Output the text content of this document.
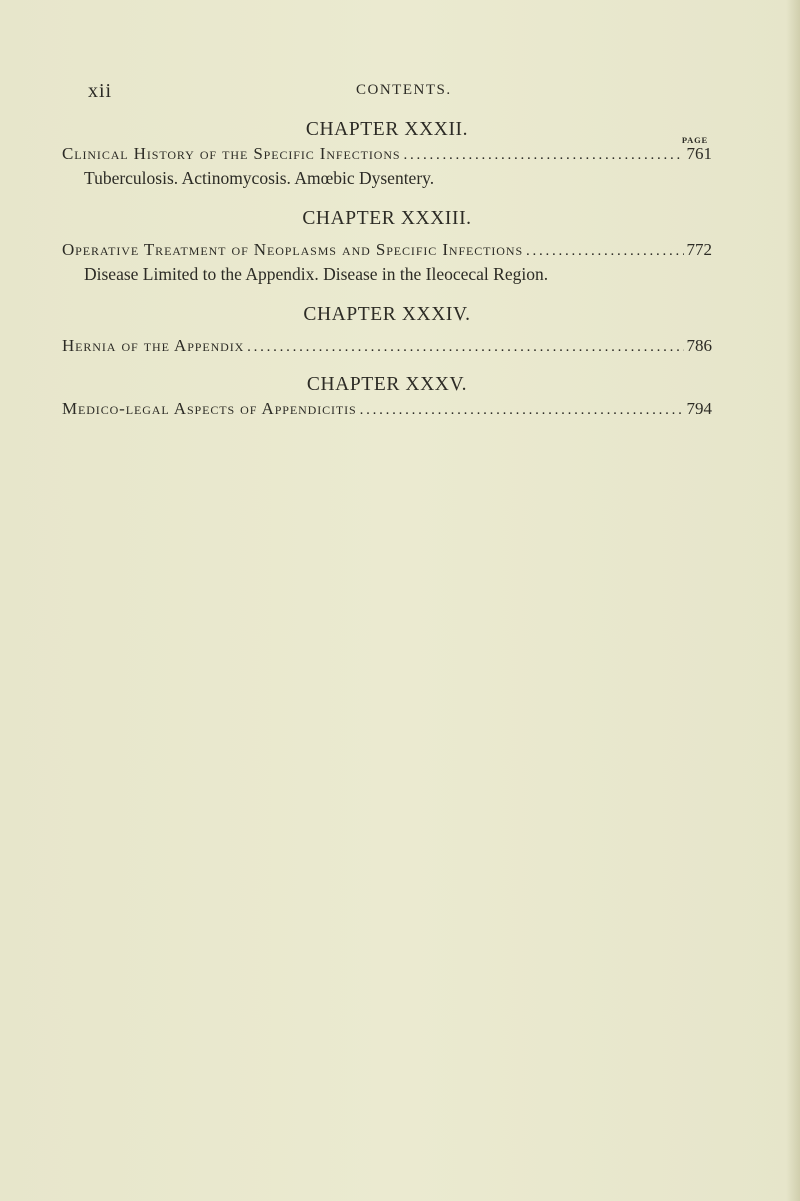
xii	CONTENTS.
CHAPTER XXXII.	PAGE
Clinical History of the Specific Infections . . .	761
Tuberculosis. Actinomycosis. Amœbic Dysentery.
CHAPTER XXXIII.
Operative Treatment of Neoplasms and Specific Infections . . .	772
Disease Limited to the Appendix. Disease in the Ileocecal Region.
CHAPTER XXXIV.
Hernia of the Appendix . . .	786
CHAPTER XXXV.
Medico-legal Aspects of Appendicitis . . .	794
